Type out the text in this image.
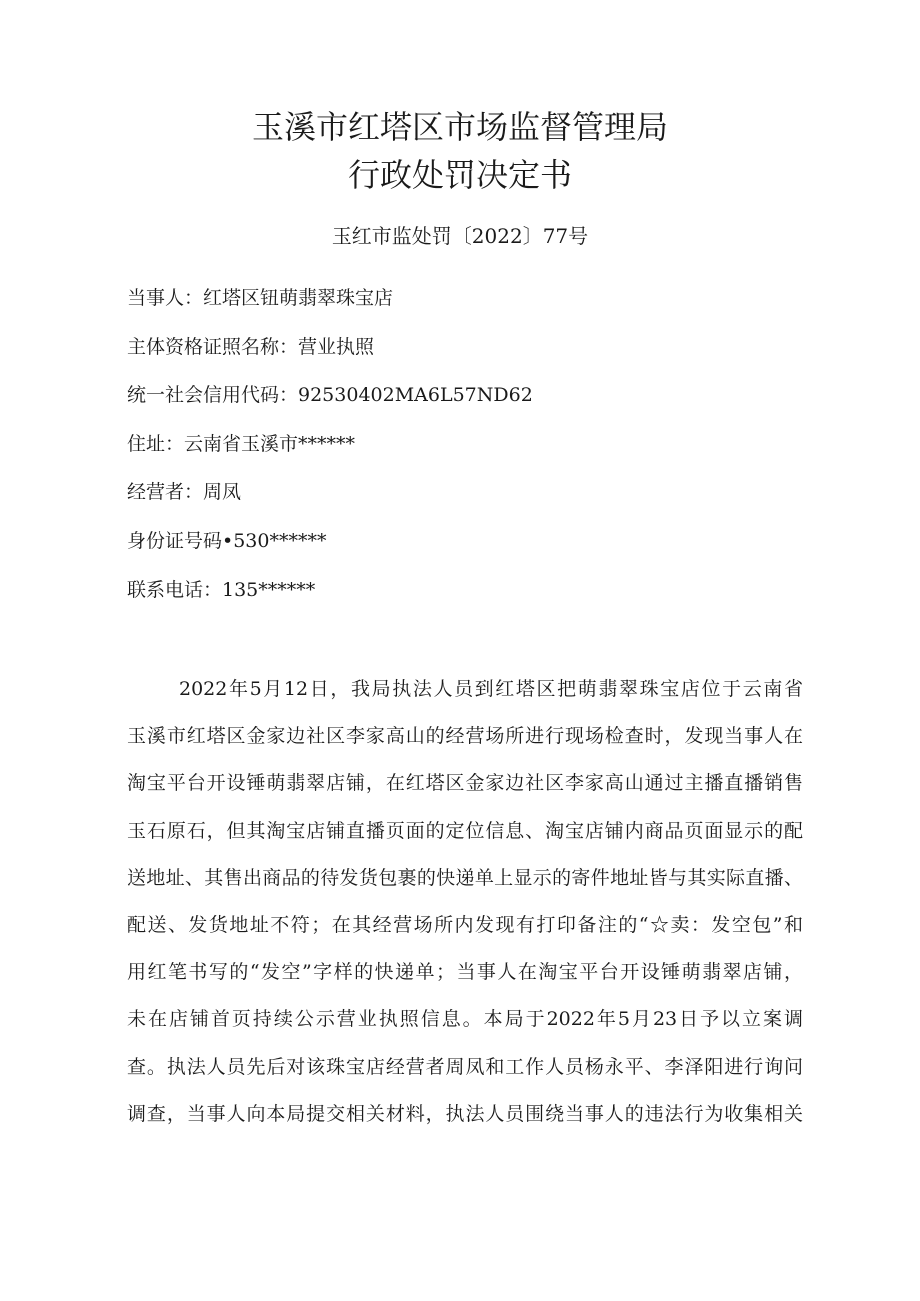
玉溪市红塔区市场监督管理局
行政处罚决定书
玉红市监处罚〔2022〕77号
当事人：红塔区钮萌翡翠珠宝店
主体资格证照名称：营业执照
统一社会信用代码：92530402MA6L57ND62
住址：云南省玉溪市******
经营者：周凤
身份证号码•530******
联系电话：135******
2022年5月12日，我局执法人员到红塔区把萌翡翠珠宝店位于云南省
玉溪市红塔区金家边社区李家高山的经营场所进行现场检查时，发现当事人在
淘宝平台开设锤萌翡翠店铺，在红塔区金家边社区李家高山通过主播直播销售
玉石原石，但其淘宝店铺直播页面的定位信息、淘宝店铺内商品页面显示的配
送地址、其售出商品的待发货包裹的快递单上显示的寄件地址皆与其实际直播、
配送、发货地址不符；在其经营场所内发现有打印备注的“☆卖：发空包”和
用红笔书写的“发空”字样的快递单；当事人在淘宝平台开设锤萌翡翠店铺，
未在店铺首页持续公示营业执照信息。本局于2022年5月23日予以立案调
查。执法人员先后对该珠宝店经营者周凤和工作人员杨永平、李泽阳进行询问
调查，当事人向本局提交相关材料，执法人员围绕当事人的违法行为收集相关
